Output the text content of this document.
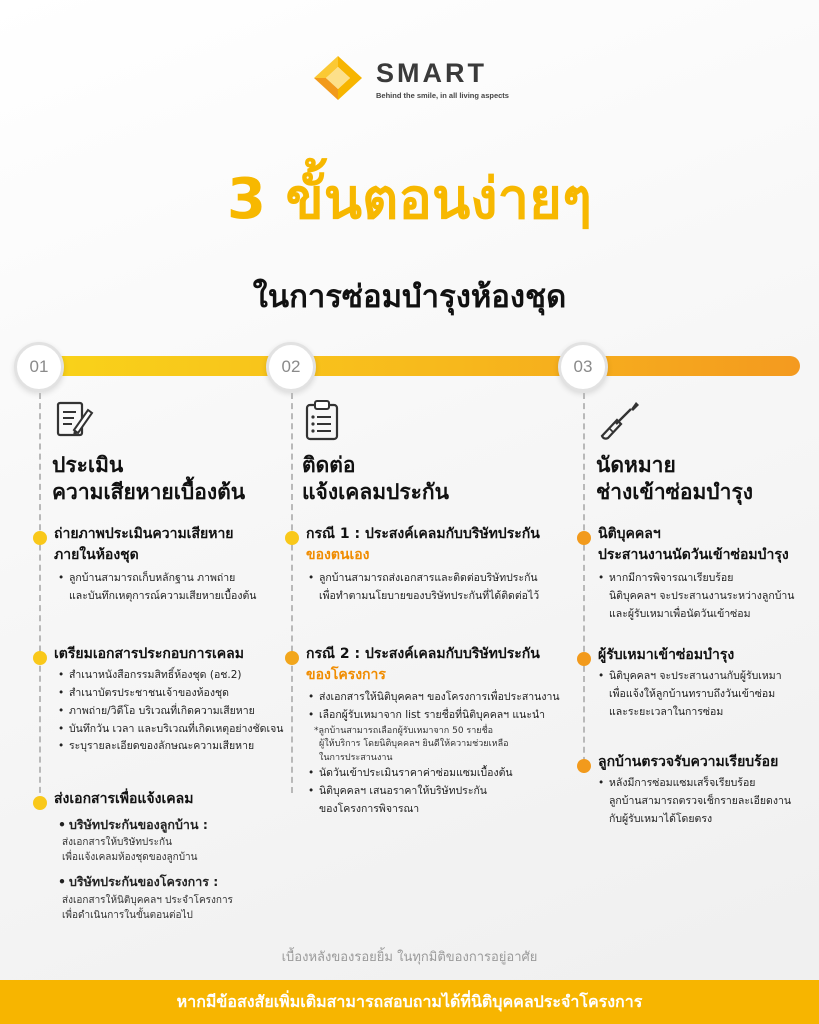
SMART
Behind the smile, in all living aspects
3 ขั้นตอนง่ายๆ
ในการซ่อมบำรุงห้องชุด
01	02	03
ประเมิน
ความเสียหายเบื้องต้น
ถ่ายภาพประเมินความเสียหาย
ภายในห้องชุด
• ลูกบ้านสามารถเก็บหลักฐาน ภาพถ่าย
และบันทึกเหตุการณ์ความเสียหายเบื้องต้น
เตรียมเอกสารประกอบการเคลม
• สำเนาหนังสือกรรมสิทธิ์ห้องชุด (อช.2)
• สำเนาบัตรประชาชนเจ้าของห้องชุด
• ภาพถ่าย/วิดีโอ บริเวณที่เกิดความเสียหาย
• บันทึกวัน เวลา และบริเวณที่เกิดเหตุอย่างชัดเจน
• ระบุรายละเอียดของลักษณะความเสียหาย
ส่งเอกสารเพื่อแจ้งเคลม
• บริษัทประกันของลูกบ้าน :
ส่งเอกสารให้บริษัทประกัน
เพื่อแจ้งเคลมห้องชุดของลูกบ้าน
• บริษัทประกันของโครงการ :
ส่งเอกสารให้นิติบุคคลฯ ประจำโครงการ
เพื่อดำเนินการในขั้นตอนต่อไป
ติดต่อ
แจ้งเคลมประกัน
กรณี 1 : ประสงค์เคลมกับบริษัทประกัน
ของตนเอง
• ลูกบ้านสามารถส่งเอกสารและติดต่อบริษัทประกัน
เพื่อทำตามนโยบายของบริษัทประกันที่ได้ติดต่อไว้
กรณี 2 : ประสงค์เคลมกับบริษัทประกัน
ของโครงการ
• ส่งเอกสารให้นิติบุคคลฯ ของโครงการเพื่อประสานงาน
• เลือกผู้รับเหมาจาก list รายชื่อที่นิติบุคคลฯ แนะนำ
*ลูกบ้านสามารถเลือกผู้รับเหมาจาก 50 รายชื่อ
ผู้ให้บริการ โดยนิติบุคคลฯ ยินดีให้ความช่วยเหลือ
ในการประสานงาน
• นัดวันเข้าประเมินราคาค่าซ่อมแซมเบื้องต้น
• นิติบุคคลฯ เสนอราคาให้บริษัทประกัน
ของโครงการพิจารณา
นัดหมาย
ช่างเข้าซ่อมบำรุง
นิติบุคคลฯ
ประสานงานนัดวันเข้าซ่อมบำรุง
• หากมีการพิจารณาเรียบร้อย
นิติบุคคลฯ จะประสานงานระหว่างลูกบ้าน
และผู้รับเหมาเพื่อนัดวันเข้าซ่อม
ผู้รับเหมาเข้าซ่อมบำรุง
• นิติบุคคลฯ จะประสานงานกับผู้รับเหมา
เพื่อแจ้งให้ลูกบ้านทราบถึงวันเข้าซ่อม
และระยะเวลาในการซ่อม
ลูกบ้านตรวจรับความเรียบร้อย
• หลังมีการซ่อมแซมเสร็จเรียบร้อย
ลูกบ้านสามารถตรวจเช็กรายละเอียดงาน
กับผู้รับเหมาได้โดยตรง
เบื้องหลังของรอยยิ้ม ในทุกมิติของการอยู่อาศัย
หากมีข้อสงสัยเพิ่มเติมสามารถสอบถามได้ที่นิติบุคคลประจำโครงการ
